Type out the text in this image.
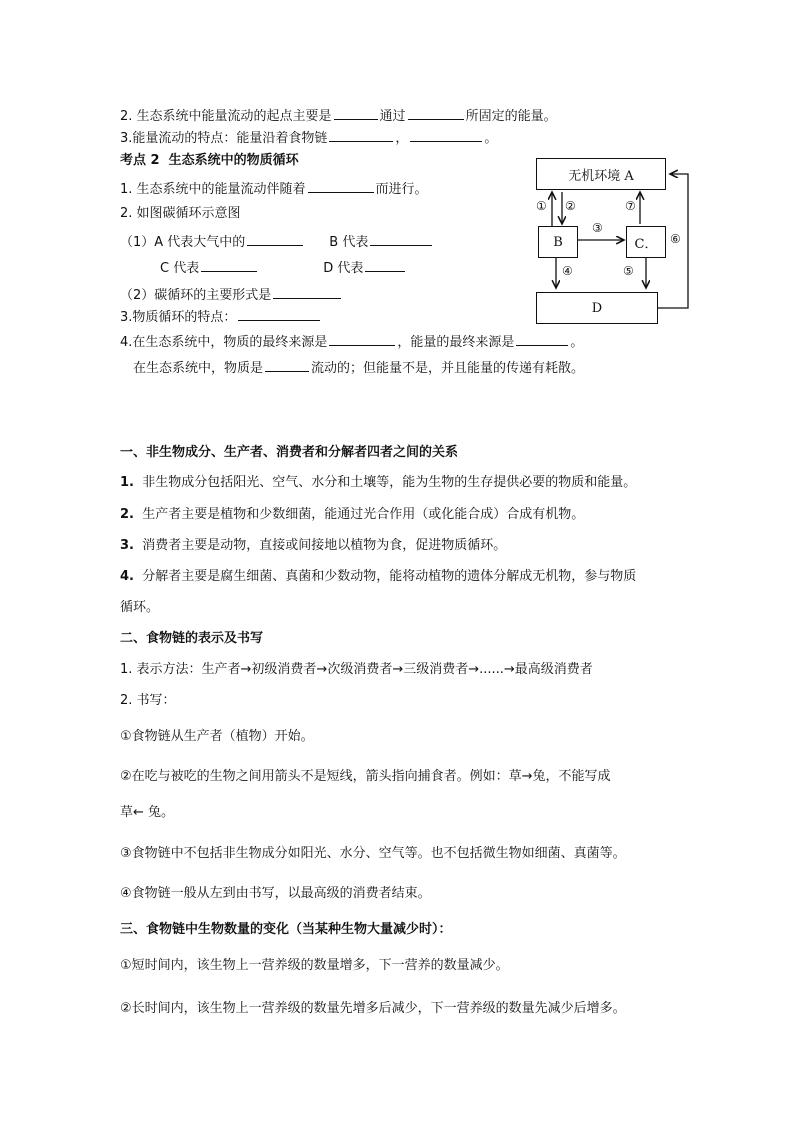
2. 生态系统中能量流动的起点主要是	通过	所固定的能量。
3.能量流动的特点：能量沿着食物链	，	。
考点 2 生态系统中的物质循环
1. 生态系统中的能量流动伴随着	而进行。
2. 如图碳循环示意图
（1）A 代表大气中的	B 代表
C 代表	D 代表
（2）碳循环的主要形式是
3.物质循环的特点：
4.在生态系统中，物质的最终来源是	，能量的最终来源是	。
在生态系统中，物质是	流动的；但能量不是，并且能量的传递有耗散。
无机环境 A
B	C．
D
① ②
③
④	⑤
⑥
⑦
一、非生物成分、生产者、消费者和分解者四者之间的关系
1. 非生物成分包括阳光、空气、水分和土壤等，能为生物的生存提供必要的物质和能量。
2. 生产者主要是植物和少数细菌，能通过光合作用（或化能合成）合成有机物。
3. 消费者主要是动物，直接或间接地以植物为食，促进物质循环。
4. 分解者主要是腐生细菌、真菌和少数动物，能将动植物的遗体分解成无机物，参与物质
循环。
二、食物链的表示及书写
1. 表示方法：生产者→初级消费者→次级消费者→三级消费者→......→最高级消费者
2. 书写：
①食物链从生产者（植物）开始。
②在吃与被吃的生物之间用箭头不是短线，箭头指向捕食者。例如：草→兔，不能写成
草← 兔。
③食物链中不包括非生物成分如阳光、水分、空气等。也不包括微生物如细菌、真菌等。
④食物链一般从左到由书写，以最高级的消费者结束。
三、食物链中生物数量的变化（当某种生物大量减少时）：
①短时间内，该生物上一营养级的数量增多，下一营养的数量减少。
②长时间内，该生物上一营养级的数量先增多后减少，下一营养级的数量先减少后增多。
